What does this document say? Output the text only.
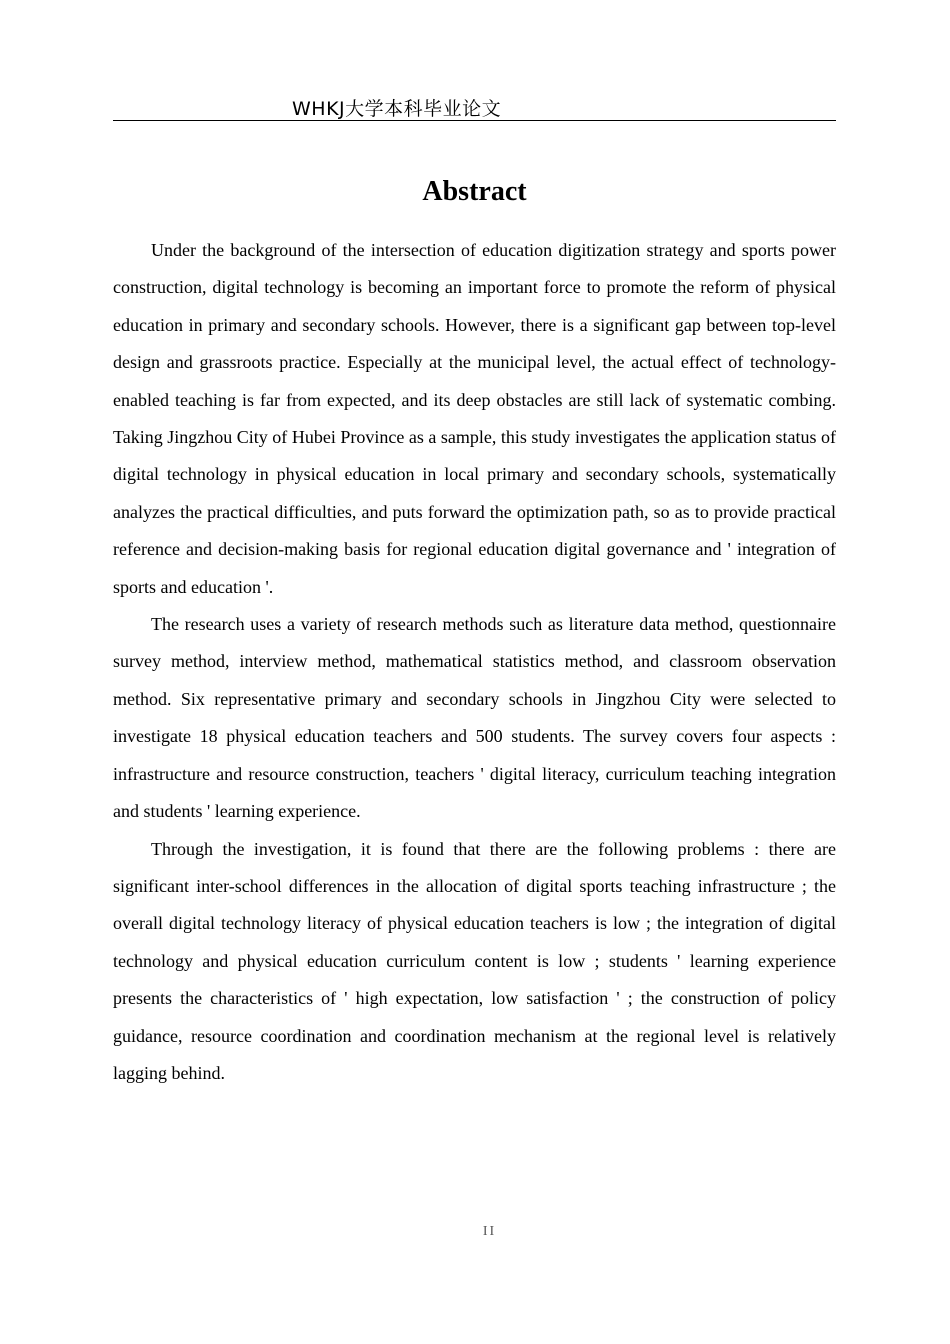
WHKJ大学本科毕业论文
Abstract

Under the background of the intersection of education digitization strategy and sports power construction, digital technology is becoming an important force to promote the reform of physical education in primary and secondary schools. However, there is a significant gap between top-level design and grassroots practice. Especially at the municipal level, the actual effect of technology-enabled teaching is far from expected, and its deep obstacles are still lack of systematic combing. Taking Jingzhou City of Hubei Province as a sample, this study investigates the application status of digital technology in physical education in local primary and secondary schools, systematically analyzes the practical difficulties, and puts forward the optimization path, so as to provide practical reference and decision-making basis for regional education digital governance and ' integration of sports and education '.

The research uses a variety of research methods such as literature data method, questionnaire survey method, interview method, mathematical statistics method, and classroom observation method. Six representative primary and secondary schools in Jingzhou City were selected to investigate 18 physical education teachers and 500 students. The survey covers four aspects : infrastructure and resource construction, teachers ' digital literacy, curriculum teaching integration and students ' learning experience.

Through the investigation, it is found that there are the following problems : there are significant inter-school differences in the allocation of digital sports teaching infrastructure ; the overall digital technology literacy of physical education teachers is low ; the integration of digital technology and physical education curriculum content is low ; students ' learning experience presents the characteristics of ' high expectation, low satisfaction ' ; the construction of policy guidance, resource coordination and coordination mechanism at the regional level is relatively lagging behind.

II
